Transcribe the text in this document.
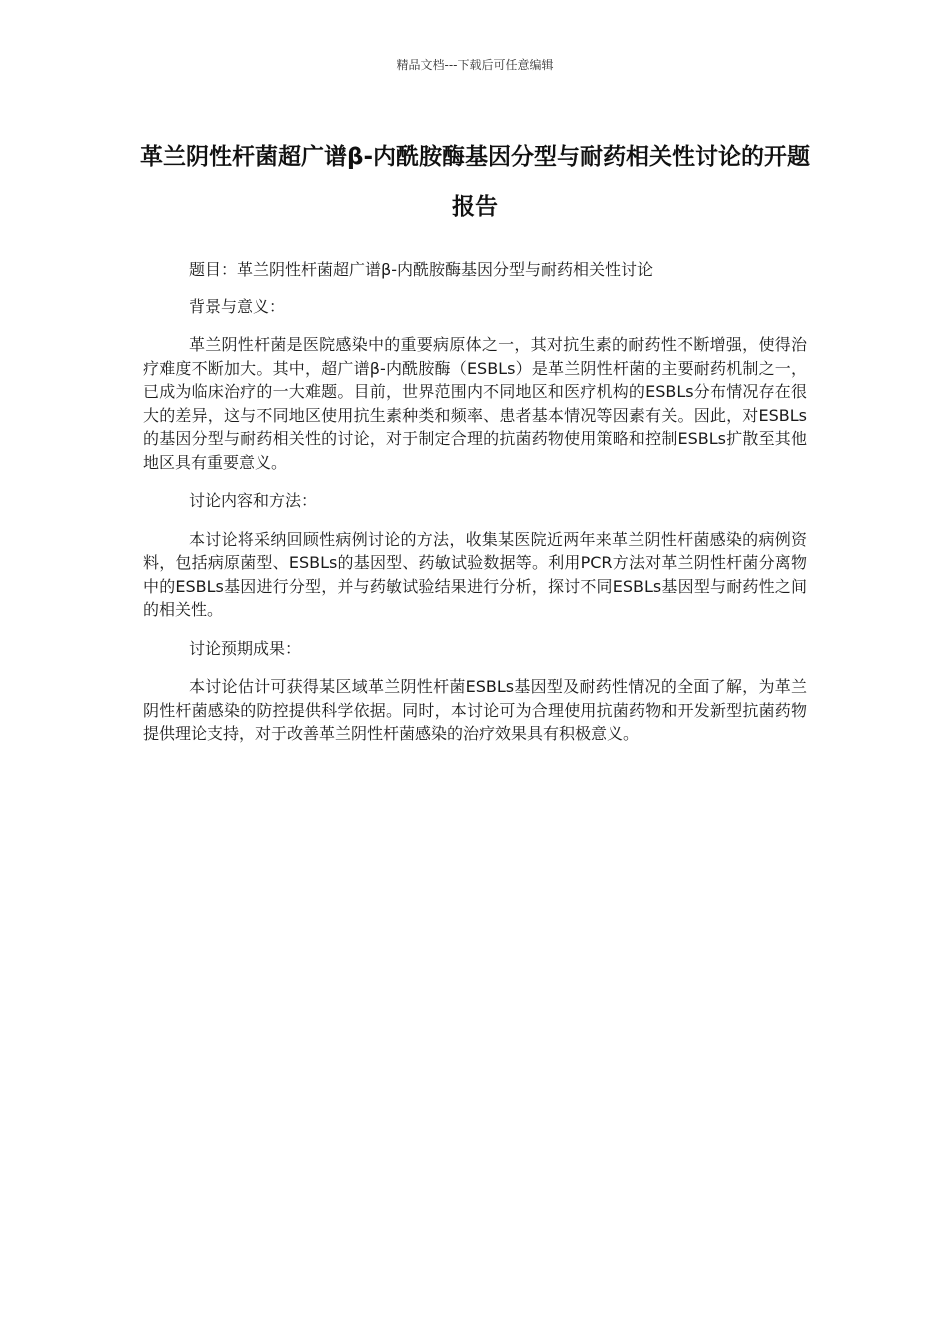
精品文档---下载后可任意编辑
革兰阴性杆菌超广谱β-内酰胺酶基因分型与耐药相关性讨论的开题报告

题目：革兰阴性杆菌超广谱β-内酰胺酶基因分型与耐药相关性讨论

背景与意义：

革兰阴性杆菌是医院感染中的重要病原体之一，其对抗生素的耐药性不断增强，使得治疗难度不断加大。其中，超广谱β-内酰胺酶（ESBLs）是革兰阴性杆菌的主要耐药机制之一，已成为临床治疗的一大难题。目前，世界范围内不同地区和医疗机构的ESBLs分布情况存在很大的差异，这与不同地区使用抗生素种类和频率、患者基本情况等因素有关。因此，对ESBLs的基因分型与耐药相关性的讨论，对于制定合理的抗菌药物使用策略和控制ESBLs扩散至其他地区具有重要意义。

讨论内容和方法：

本讨论将采纳回顾性病例讨论的方法，收集某医院近两年来革兰阴性杆菌感染的病例资料，包括病原菌型、ESBLs的基因型、药敏试验数据等。利用PCR方法对革兰阴性杆菌分离物中的ESBLs基因进行分型，并与药敏试验结果进行分析，探讨不同ESBLs基因型与耐药性之间的相关性。

讨论预期成果：

本讨论估计可获得某区域革兰阴性杆菌ESBLs基因型及耐药性情况的全面了解，为革兰阴性杆菌感染的防控提供科学依据。同时，本讨论可为合理使用抗菌药物和开发新型抗菌药物提供理论支持，对于改善革兰阴性杆菌感染的治疗效果具有积极意义。
